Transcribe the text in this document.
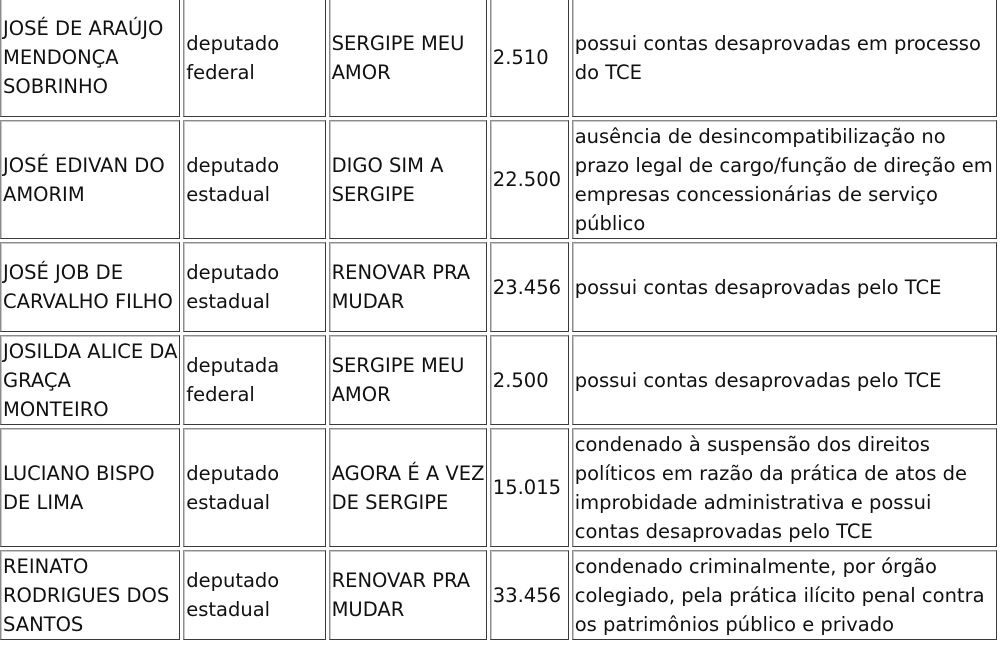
JOSÉ DE ARAÚJO MENDONÇA SOBRINHO	deputado federal	SERGIPE MEU AMOR	2.510	possui contas desaprovadas em processo do TCE
JOSÉ EDIVAN DO AMORIM	deputado estadual	DIGO SIM A SERGIPE	22.500	ausência de desincompatibilização no prazo legal de cargo/função de direção em empresas concessionárias de serviço público
JOSÉ JOB DE CARVALHO FILHO	deputado estadual	RENOVAR PRA MUDAR	23.456	possui contas desaprovadas pelo TCE
JOSILDA ALICE DA GRAÇA MONTEIRO	deputada federal	SERGIPE MEU AMOR	2.500	possui contas desaprovadas pelo TCE
LUCIANO BISPO DE LIMA	deputado estadual	AGORA É A VEZ DE SERGIPE	15.015	condenado à suspensão dos direitos políticos em razão da prática de atos de improbidade administrativa e possui contas desaprovadas pelo TCE
REINATO RODRIGUES DOS SANTOS	deputado estadual	RENOVAR PRA MUDAR	33.456	condenado criminalmente, por órgão colegiado, pela prática ilícito penal contra os patrimônios público e privado
